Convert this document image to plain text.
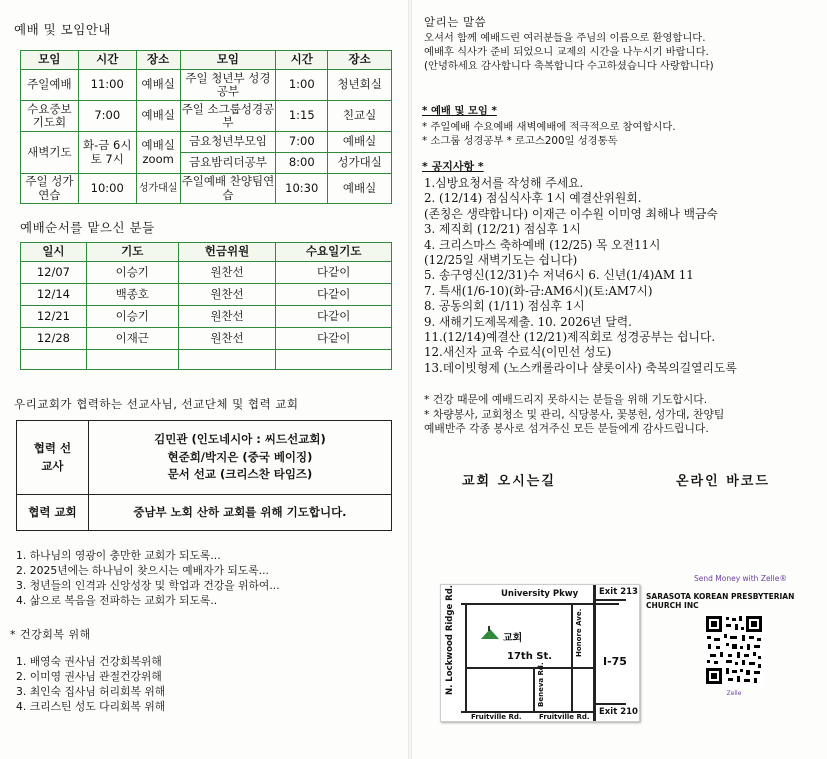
예배 및 모임안내
모임	시간	장소	모임	시간	장소
주일예배	11:00	예배실	주일 청년부 성경공부	1:00	청년회실
수요중보 기도회	7:00	예배실	주일 소그룹성경공부	1:15	친교실
새벽기도	화-금 6시 토 7시	예배실 zoom	금요청년부모임	7:00	예배실
			금요밤리더공부	8:00	성가대실
주일 성가연습	10:00	성가대실	주일예배 찬양팀연습	10:30	예배실
예배순서를 맡으신 분들
일시	기도	헌금위원	수요일기도
12/07	이승기	원찬선	다같이
12/14	백종호	원찬선	다같이
12/21	이승기	원찬선	다같이
12/28	이재근	원찬선	다같이

우리교회가 협력하는 선교사님, 선교단체 및 협력 교회
협력 선교사	김민관 (인도네시아 : 씨드선교회)
현준희/박지은 (중국 베이징)
문서 선교 (크리스찬 타임즈)

협력 교회	중남부 노회 산하 교회를 위해 기도합니다.
1. 하나님의 영광이 충만한 교회가 되도록...
2. 2025년에는 하나님이 찾으시는 예배자가 되도록...
3. 청년들의 인격과 신앙성장 및 학업과 건강을 위하여...
4. 삶으로 복음을 전파하는 교회가 되도록..
* 건강회복 위해
1. 배영숙 권사님 건강회복위해
2. 이미영 권사님 관절건강위해
3. 최인숙 집사님 허리회복 위해
4. 크리스틴 성도 다리회복 위해
알리는 말씀
오셔서 함께 예배드린 여러분들을 주님의 이름으로 환영합니다.
예배후 식사가 준비 되었으니 교제의 시간을 나누시기 바랍니다.
(안녕하세요 감사합니다 축복합니다 수고하셨습니다 사랑합니다)
* 예배 및 모임 *
* 주일예배 수요예배 새벽예배에 적극적으로 참여합시다.
* 소그룹 성경공부 * 로고스200일 성경통독
* 공지사항 *
1.심방요청서를 작성해 주세요.
2. (12/14) 점심식사후 1시 예결산위원회.
(존칭은 생략합니다) 이재근 이수원 이미영 최해나 백금숙
3. 제직회 (12/21) 점심후 1시
4. 크리스마스 축하예배 (12/25) 목 오전11시
(12/25일 새벽기도는 쉽니다)
5. 송구영신(12/31)수 저녁6시 6. 신년(1/4)AM 11
7. 특새(1/6-10)(화-금:AM6시)(토:AM7시)
8. 공동의회 (1/11) 점심후 1시
9. 새해기도제목제출. 10. 2026년 달력.
11.(12/14)예결산 (12/21)제직회로 성경공부는 쉽니다.
12.새신자 교육 수료식(이민선 성도)
13.데이빗형제 (노스캐롤라이나 샬롯이사) 축복의길열리도록
* 건강 때문에 예배드리지 못하시는 분들을 위해 기도합시다.
* 차량봉사, 교회청소 및 관리, 식당봉사, 꽃봉헌, 성가대, 찬양팀
예배반주 각종 봉사로 섬겨주신 모든 분들에게 감사드립니다.
교회 오시는길	온라인 바코드
University Pkwy Exit 213
N. Lockwood Ridge Rd.	교회
17th St.	I-75
Honore Ave.
Beneva Rd.
Fruitville Rd. Fruitville Rd. Exit 210
Send Money with Zelle®
SARASOTA KOREAN PRESBYTERIAN CHURCH INC
Zelle
